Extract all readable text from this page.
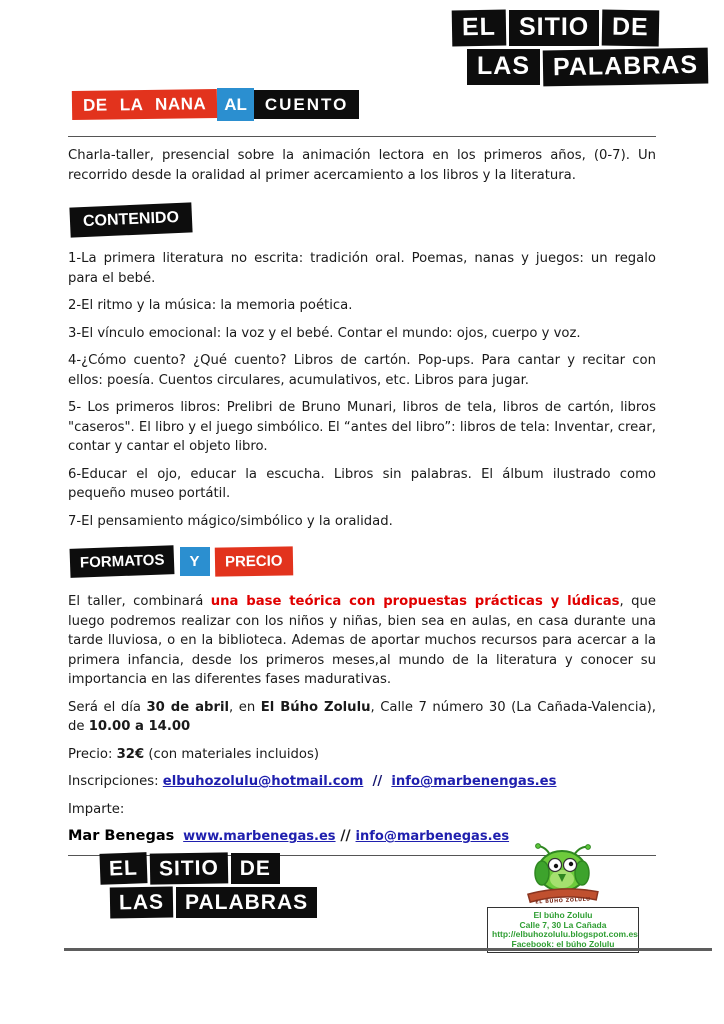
EL SITIO DE
LAS PALABRAS
DE LA NANA AL CUENTO

Charla-taller, presencial sobre la animación lectora en los primeros años, (0-7). Un recorrido desde la oralidad al primer acercamiento a los libros y la literatura.

CONTENIDO

1-La primera literatura no escrita: tradición oral. Poemas, nanas y juegos: un regalo para el bebé.

2-El ritmo y la música: la memoria poética.

3-El vínculo emocional: la voz y el bebé. Contar el mundo: ojos, cuerpo y voz.

4-¿Cómo cuento? ¿Qué cuento? Libros de cartón. Pop-ups. Para cantar y recitar con ellos: poesía. Cuentos circulares, acumulativos, etc. Libros para jugar.

5- Los primeros libros: Prelibri de Bruno Munari, libros de tela, libros de cartón, libros "caseros". El libro y el juego simbólico. El “antes del libro”: libros de tela: Inventar, crear, contar y cantar el objeto libro.

6-Educar el ojo, educar la escucha. Libros sin palabras. El álbum ilustrado como pequeño museo portátil.

7-El pensamiento mágico/simbólico y la oralidad.

FORMATOS Y PRECIO

El taller, combinará una base teórica con propuestas prácticas y lúdicas, que luego podremos realizar con los niños y niñas, bien sea en aulas, en casa durante una tarde lluviosa, o en la biblioteca. Ademas de aportar muchos recursos para acercar a la primera infancia, desde los primeros meses,al mundo de la literatura y conocer su importancia en las diferentes fases madurativas.

Será el día 30 de abril, en El Búho Zolulu, Calle 7 número 30 (La Cañada-Valencia), de 10.00 a 14.00

Precio: 32€ (con materiales incluidos)

Inscripciones: elbuhozolulu@hotmail.com  //  info@marbenengas.es

Imparte:

Mar Benegas www.marbenegas.es // info@marbenegas.es

EL SITIO DE
LAS PALABRAS	EL BÚHO ZOLULU
El búho Zolulu
Calle 7, 30 La Cañada
http://elbuhozolulu.blogspot.com.es
Facebook: el búho Zolulu
